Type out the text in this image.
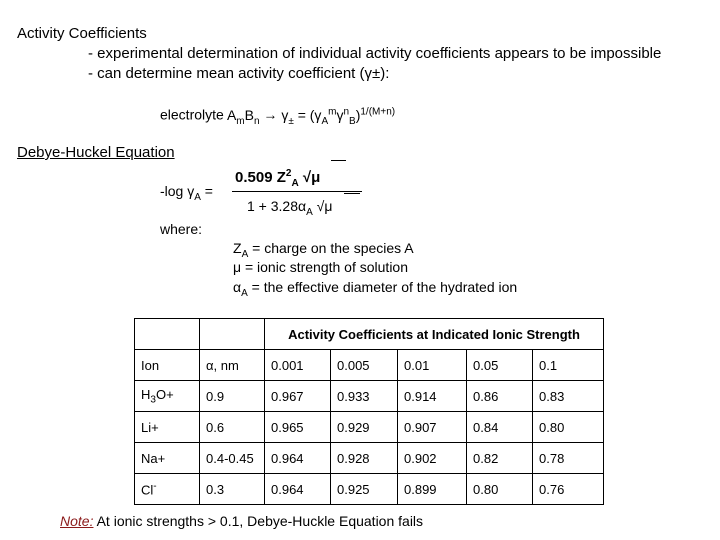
Activity Coefficients
- experimental determination of individual activity coefficients appears to be impossible
- can determine mean activity coefficient (γ±):
electrolyte $A_mB_n \to \gamma_\pm = (\gamma_A^m\gamma^n_B)^{1/(M+n)}$
Debye-Huckel Equation
0.509 $Z^2_A$ √μ
-log $\gamma_A$ =
$1 + 3.28\alpha_A$ √μ
where:
$Z_A$ = charge on the species A
μ = ionic strength of solution
$\alpha_A$ = the effective diameter of the hydrated ion
		Activity Coefficients at Indicated Ionic Strength				
Ion	α, nm	0.001	0.005	0.01	0.05	0.1
$H_3O+$	0.9	0.967	0.933	0.914	0.86	0.83
Li+	0.6	0.965	0.929	0.907	0.84	0.80
Na+	0.4-0.45	0.964	0.928	0.902	0.82	0.78
Cl-	0.3	0.964	0.925	0.899	0.80	0.76
Note: At ionic strengths > 0.1, Debye-Huckle Equation fails
